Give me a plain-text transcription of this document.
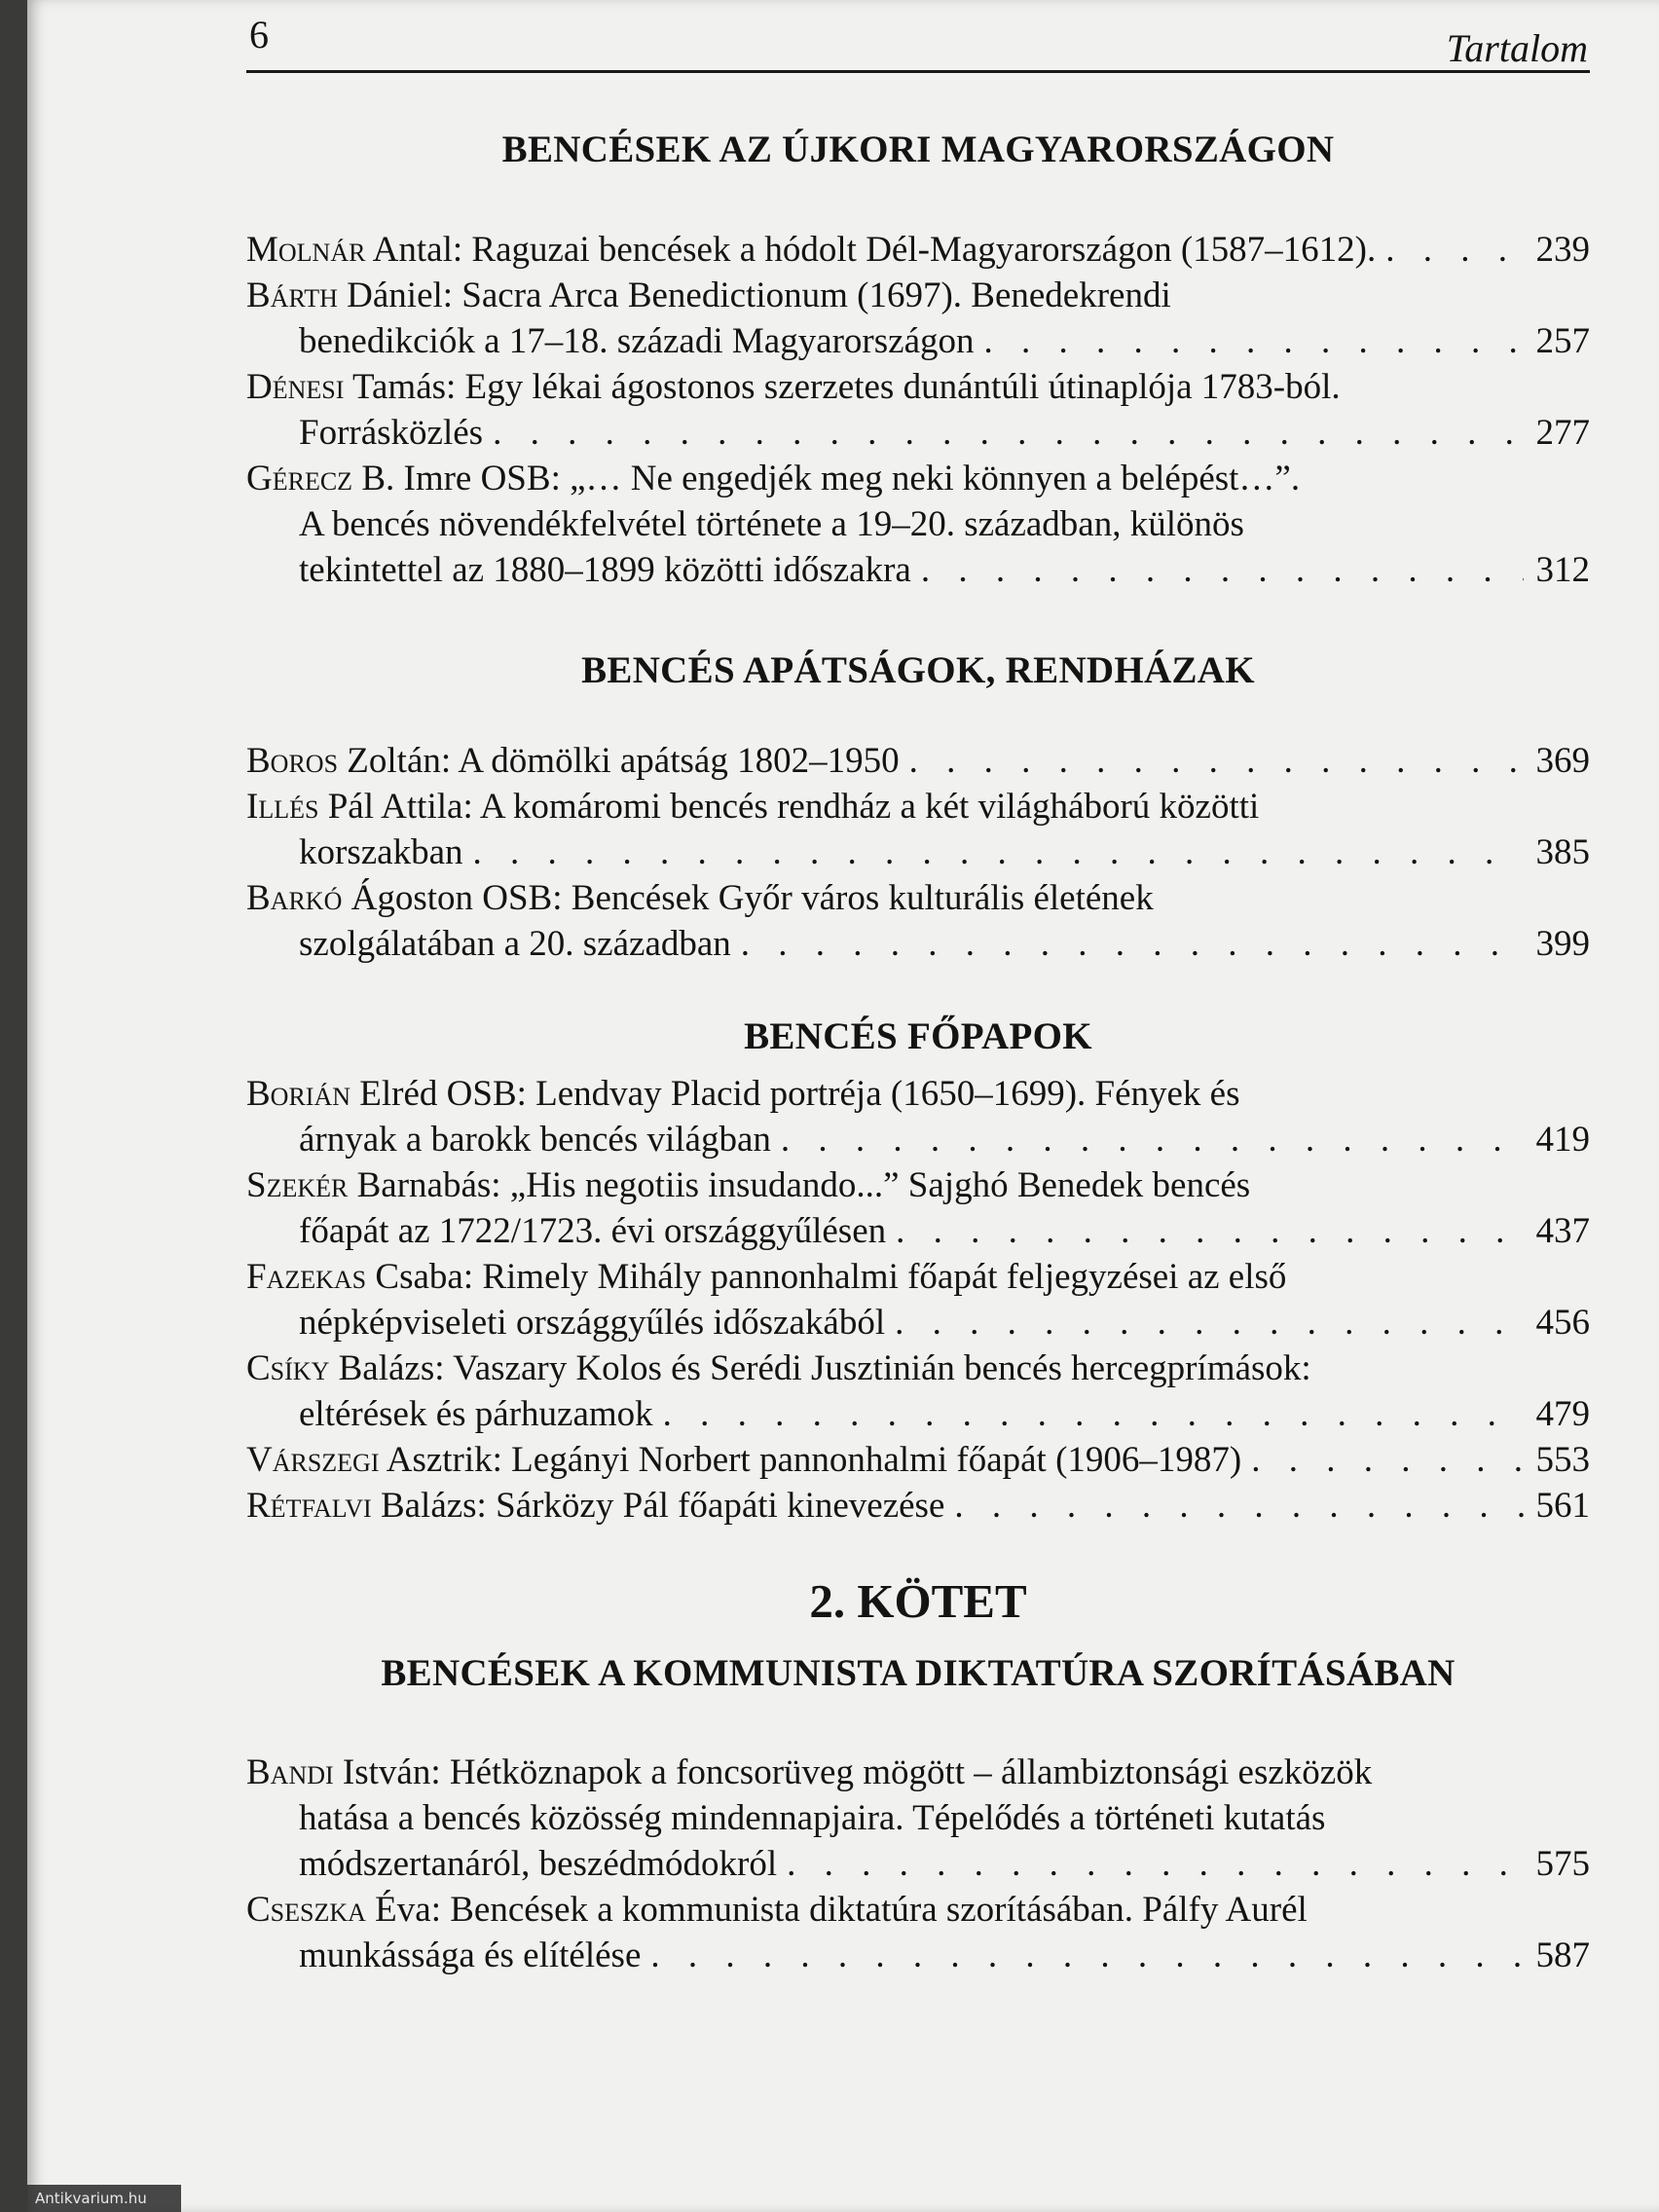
6	Tartalom
BENCÉSEK AZ ÚJKORI MAGYARORSZÁGON
Molnár Antal: Raguzai bencések a hódolt Dél-Magyarországon (1587–1612). . . .	239
Bárth Dániel: Sacra Arca Benedictionum (1697). Benedekrendi
benedikciók a 17–18. századi Magyarországon . . .	257
Dénesi Tamás: Egy lékai ágostonos szerzetes dunántúli útinaplója 1783-ból.
Forrásközlés . . .	277
Gérecz B. Imre OSB: „… Ne engedjék meg neki könnyen a belépést…”.
A bencés növendékfelvétel története a 19–20. században, különös
tekintettel az 1880–1899 közötti időszakra . . .	312
BENCÉS APÁTSÁGOK, RENDHÁZAK
Boros Zoltán: A dömölki apátság 1802–1950 . . .	369
Illés Pál Attila: A komáromi bencés rendház a két világháború közötti
korszakban . . .	385
Barkó Ágoston OSB: Bencések Győr város kulturális életének
szolgálatában a 20. században . . .	399
BENCÉS FŐPAPOK
Borián Elréd OSB: Lendvay Placid portréja (1650–1699). Fények és
árnyak a barokk bencés világban . . .	419
Szekér Barnabás: „His negotiis insudando...” Sajghó Benedek bencés
főapát az 1722/1723. évi országgyűlésen . . .	437
Fazekas Csaba: Rimely Mihály pannonhalmi főapát feljegyzései az első
népképviseleti országgyűlés időszakából . . .	456
Csíky Balázs: Vaszary Kolos és Serédi Jusztinián bencés hercegprímások:
eltérések és párhuzamok . . .	479
Várszegi Asztrik: Legányi Norbert pannonhalmi főapát (1906–1987) . . .	553
Rétfalvi Balázs: Sárközy Pál főapáti kinevezése . . .	561
2. KÖTET
BENCÉSEK A KOMMUNISTA DIKTATÚRA SZORÍTÁSÁBAN
Bandi István: Hétköznapok a foncsorüveg mögött – állambiztonsági eszközök
hatása a bencés közösség mindennapjaira. Tépelődés a történeti kutatás
módszertanáról, beszédmódokról . . .	575
Cseszka Éva: Bencések a kommunista diktatúra szorításában. Pálfy Aurél
munkássága és elítélése . . .	587
Antikvarium.hu
